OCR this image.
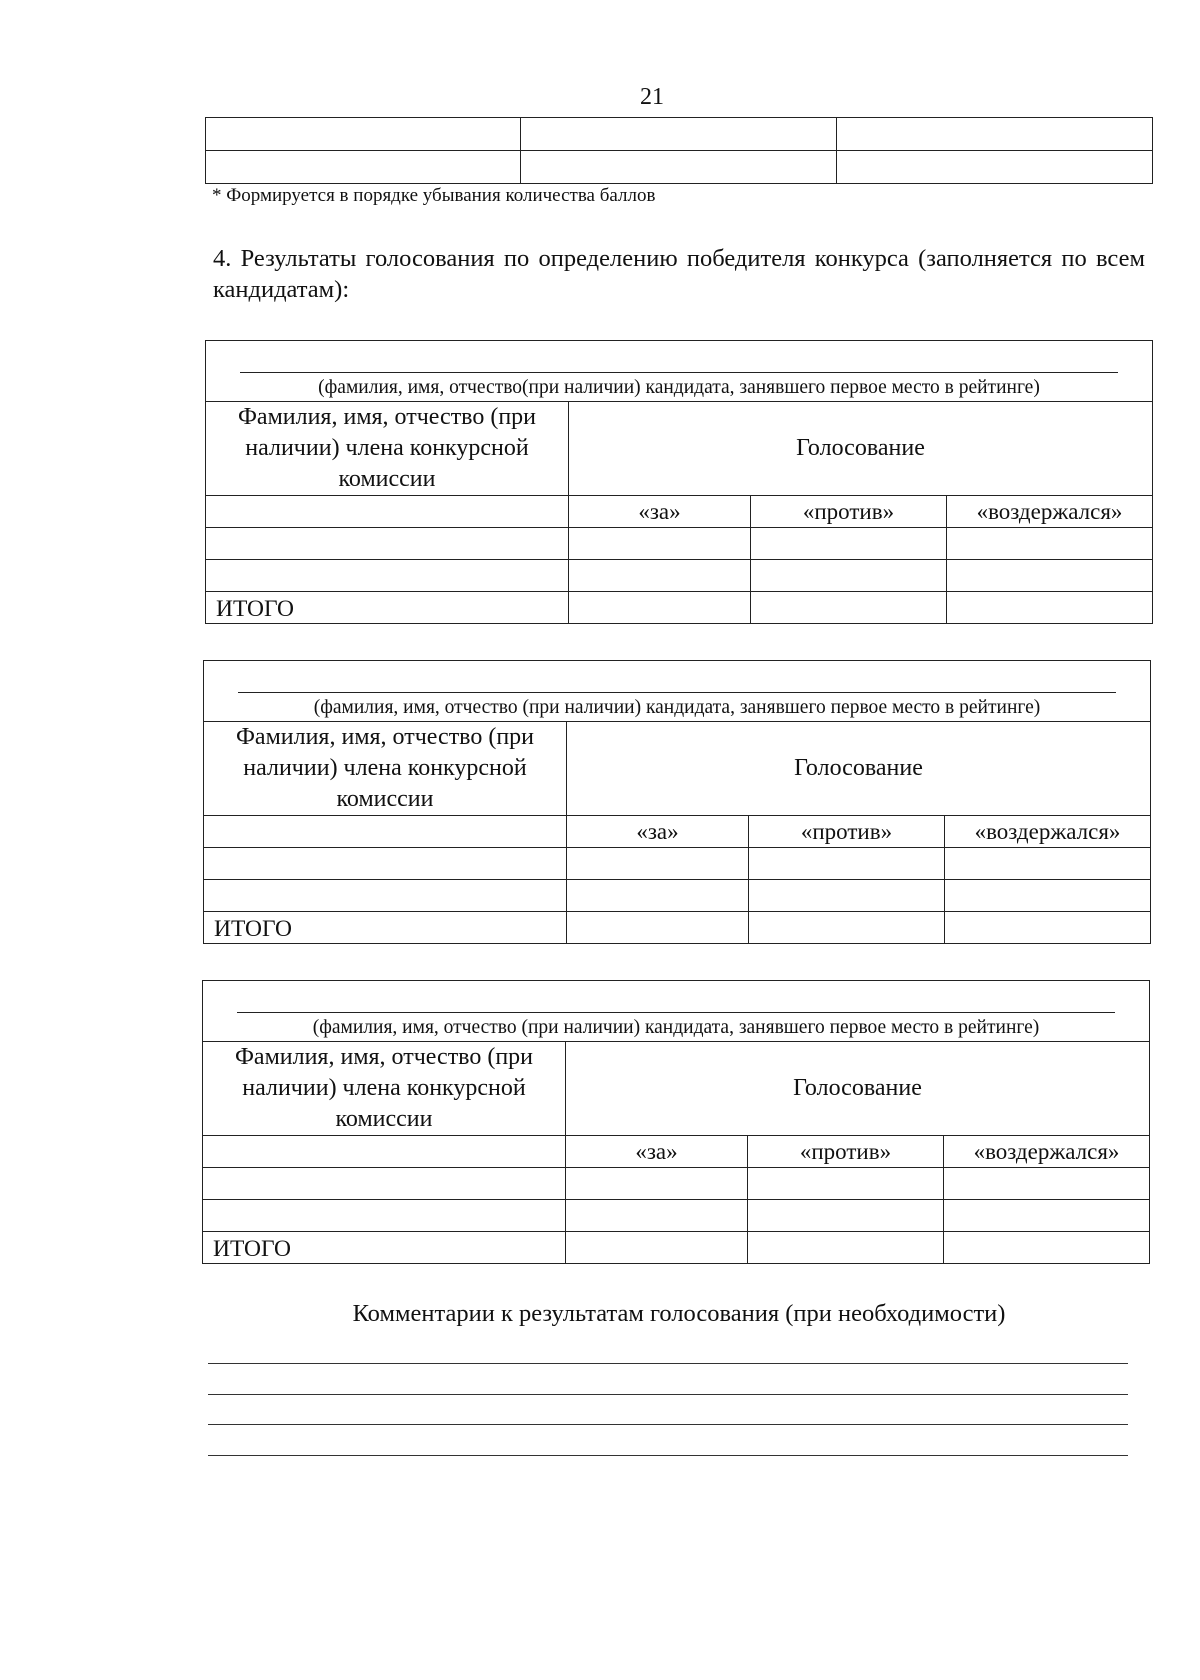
21

* Формируется в порядке убывания количества баллов
4. Результаты голосования по определению победителя конкурса (заполняется по всем кандидатам):
(фамилия, имя, отчество(при наличии) кандидата, занявшего первое место в рейтинге)			

Фамилия, имя, отчество (при наличии) члена конкурсной комиссии	Голосование		
	«за»	«против»	«воздержался»

ИТОГО			
(фамилия, имя, отчество (при наличии) кандидата, занявшего первое место в рейтинге)			

Фамилия, имя, отчество (при наличии) члена конкурсной комиссии	Голосование		
	«за»	«против»	«воздержался»

ИТОГО			
(фамилия, имя, отчество (при наличии) кандидата, занявшего первое место в рейтинге)			

Фамилия, имя, отчество (при наличии) члена конкурсной комиссии	Голосование		
	«за»	«против»	«воздержался»

ИТОГО			
Комментарии к результатам голосования (при необходимости)
